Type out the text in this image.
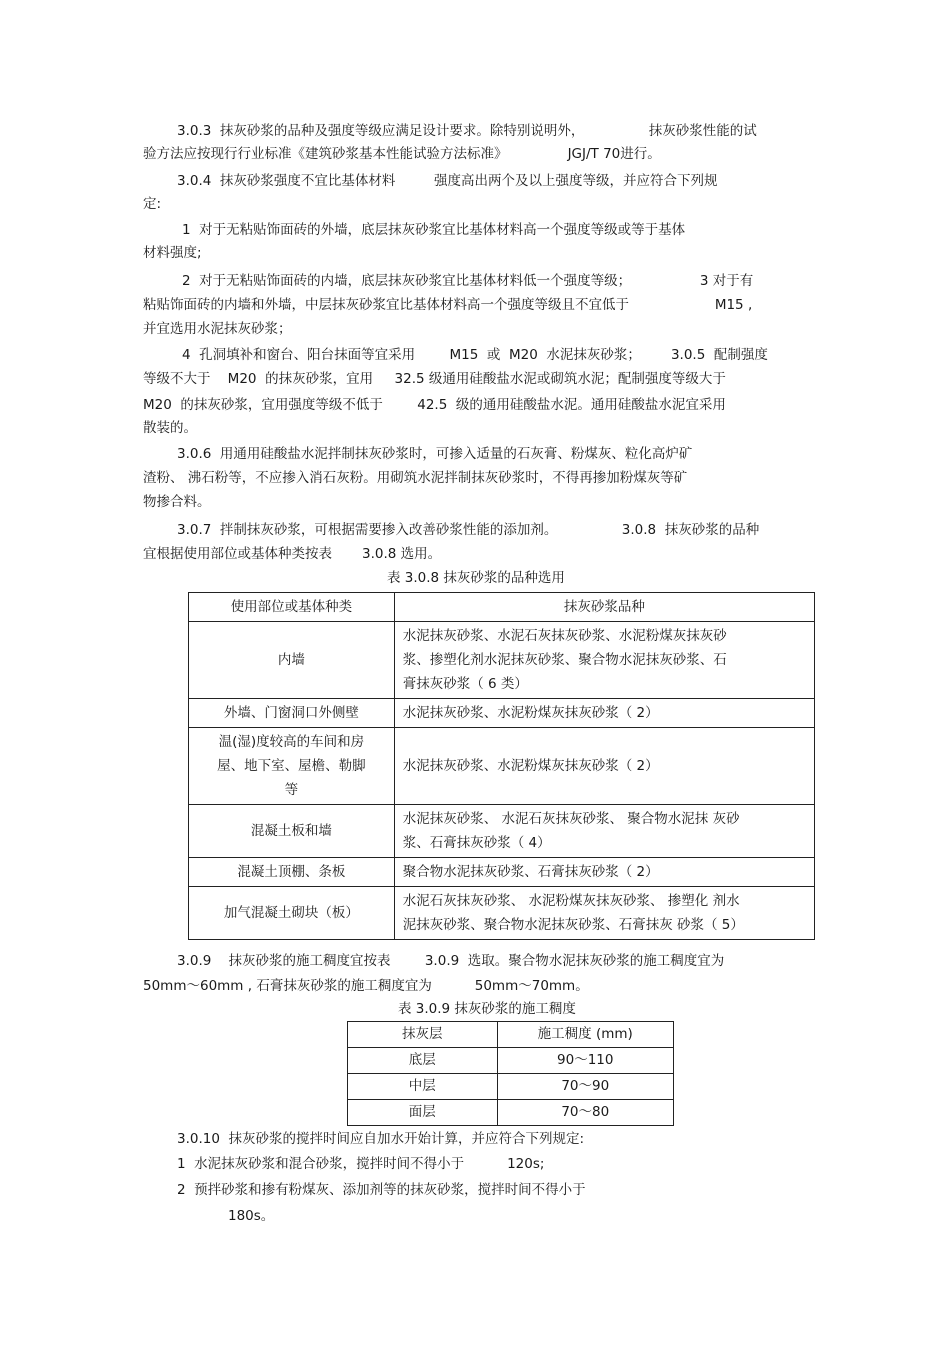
3.0.3  抹灰砂浆的品种及强度等级应满足设计要求。除特别说明外，               抹灰砂浆性能的试
验方法应按现行行业标准《建筑砂浆基本性能试验方法标准》              JGJ/T 70进行。
3.0.4  抹灰砂浆强度不宜比基体材料         强度高出两个及以上强度等级，并应符合下列规
定:
1  对于无粘贴饰面砖的外墙，底层抹灰砂浆宜比基体材料高一个强度等级或等于基体
材料强度;
2  对于无粘贴饰面砖的内墙，底层抹灰砂浆宜比基体材料低一个强度等级；                3 对于有
粘贴饰面砖的内墙和外墙，中层抹灰砂浆宜比基体材料高一个强度等级且不宜低于                    M15 ,
并宜选用水泥抹灰砂浆；
4  孔洞填补和窗台、阳台抹面等宜采用        M15  或  M20  水泥抹灰砂浆；       3.0.5  配制强度
等级不大于    M20  的抹灰砂浆，宜用     32.5 级通用硅酸盐水泥或砌筑水泥；配制强度等级大于
M20  的抹灰砂浆，宜用强度等级不低于        42.5  级的通用硅酸盐水泥。通用硅酸盐水泥宜采用
散装的。
3.0.6  用通用硅酸盐水泥拌制抹灰砂浆时，可掺入适量的石灰膏、粉煤灰、粒化高炉矿
渣粉、 沸石粉等，不应掺入消石灰粉。用砌筑水泥拌制抹灰砂浆时，不得再掺加粉煤灰等矿
物掺合料。
3.0.7  拌制抹灰砂浆，可根据需要掺入改善砂浆性能的添加剂。               3.0.8  抹灰砂浆的品种
宜根据使用部位或基体种类按表       3.0.8 选用。
表 3.0.8 抹灰砂浆的品种选用
使用部位或基体种类	抹灰砂浆品种

内墙	水泥抹灰砂浆、水泥石灰抹灰砂浆、水泥粉煤灰抹灰砂
浆、掺塑化剂水泥抹灰砂浆、聚合物水泥抹灰砂浆、石
膏抹灰砂浆（ 6 类）

外墙、门窗洞口外侧壁	水泥抹灰砂浆、水泥粉煤灰抹灰砂浆（ 2）

温(湿)度较高的车间和房
屋、地下室、屋檐、勒脚
等	水泥抹灰砂浆、水泥粉煤灰抹灰砂浆（ 2）

混凝土板和墙	水泥抹灰砂浆、 水泥石灰抹灰砂浆、 聚合物水泥抹 灰砂
浆、石膏抹灰砂浆（ 4）

混凝土顶棚、条板	聚合物水泥抹灰砂浆、石膏抹灰砂浆（ 2）

加气混凝土砌块（板）	水泥石灰抹灰砂浆、 水泥粉煤灰抹灰砂浆、 掺塑化 剂水
泥抹灰砂浆、聚合物水泥抹灰砂浆、石膏抹灰 砂浆（ 5）
3.0.9    抹灰砂浆的施工稠度宜按表        3.0.9  选取。聚合物水泥抹灰砂浆的施工稠度宜为
50mm～60mm , 石膏抹灰砂浆的施工稠度宜为          50mm～70mm。
表 3.0.9 抹灰砂浆的施工稠度
抹灰层	施工稠度 (mm)
底层	90～110
中层	70～90
面层	70～80
3.0.10  抹灰砂浆的搅拌时间应自加水开始计算，并应符合下列规定:
1  水泥抹灰砂浆和混合砂浆，搅拌时间不得小于          120s;
2  预拌砂浆和掺有粉煤灰、添加剂等的抹灰砂浆，搅拌时间不得小于
180s。
